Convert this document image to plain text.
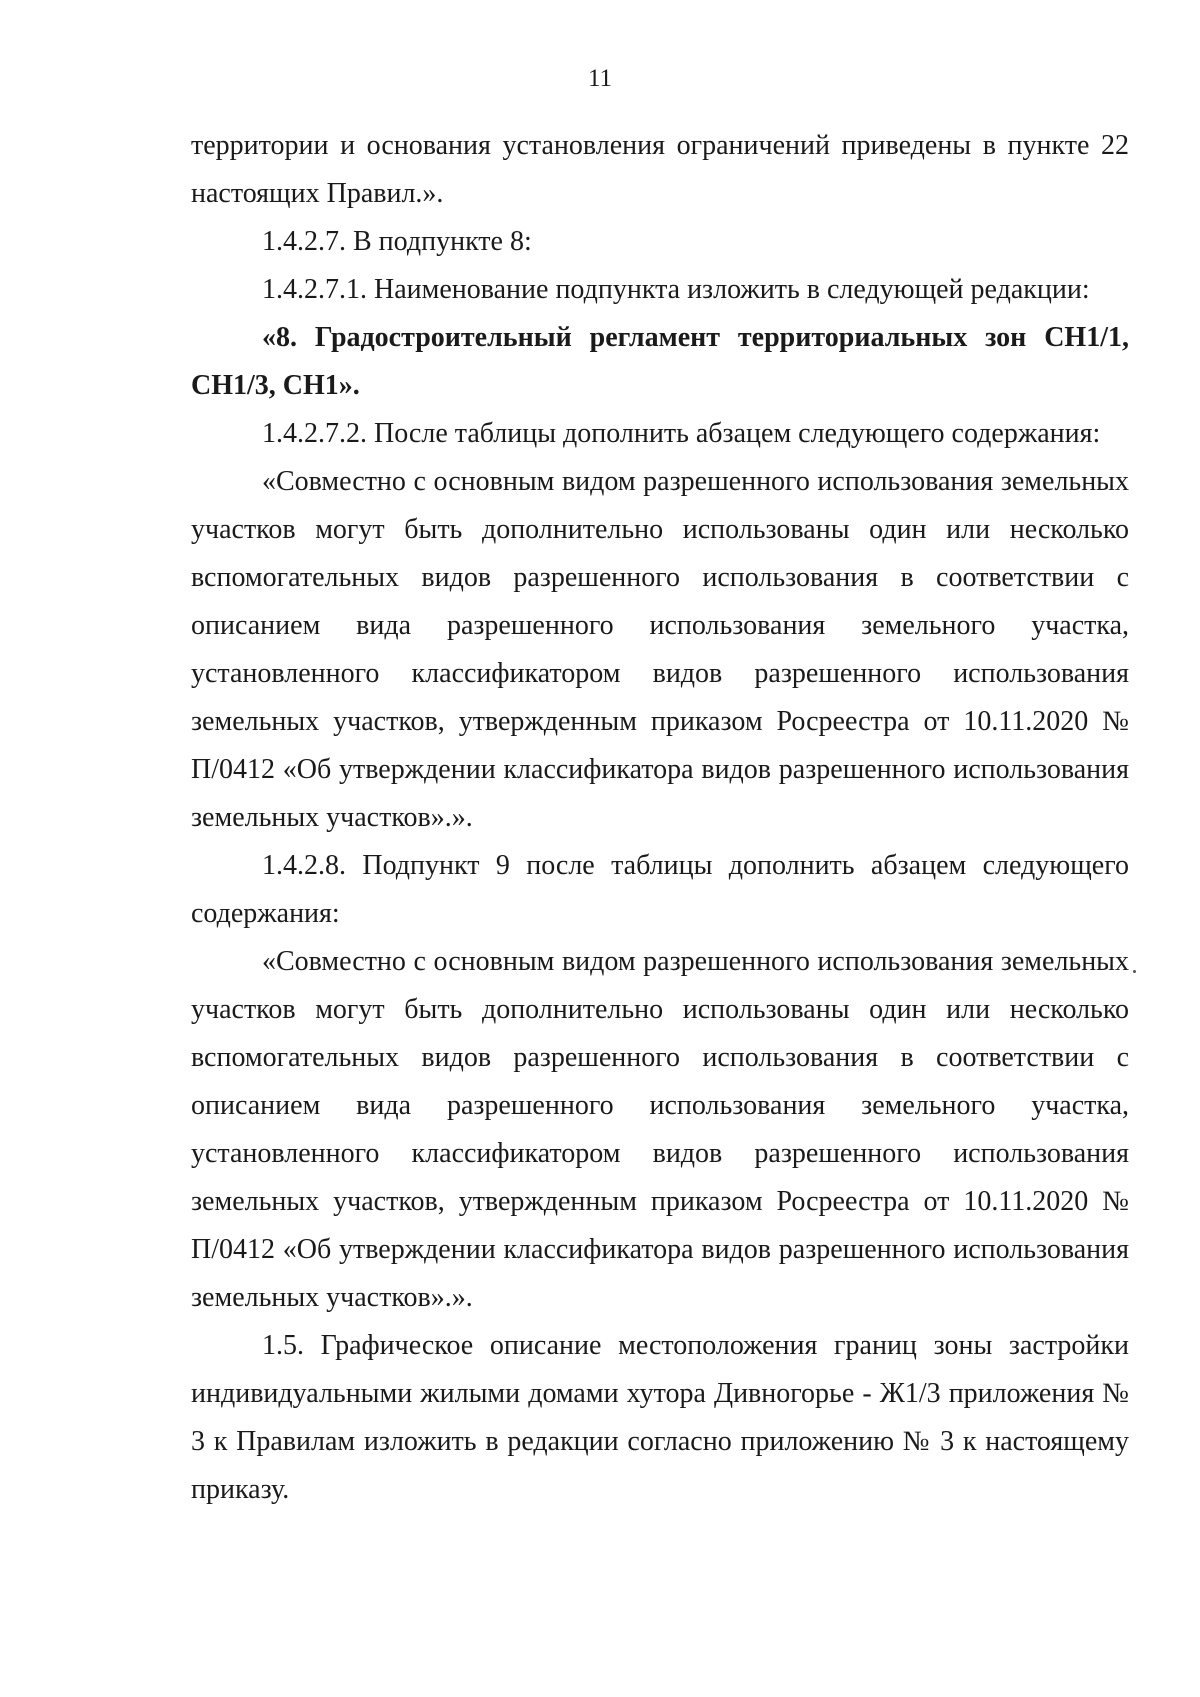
11

территории и основания установления ограничений приведены в пункте 22 настоящих Правил.».

1.4.2.7. В подпункте 8:

1.4.2.7.1. Наименование подпункта изложить в следующей редакции:

«8. Градостроительный регламент территориальных зон СН1/1, СН1/3, СН1».

1.4.2.7.2. После таблицы дополнить абзацем следующего содержания:

«Совместно с основным видом разрешенного использования земельных участков могут быть дополнительно использованы один или несколько вспомогательных видов разрешенного использования в соответствии с описанием вида разрешенного использования земельного участка, установленного классификатором видов разрешенного использования земельных участков, утвержденным приказом Росреестра от 10.11.2020 № П/0412 «Об утверждении классификатора видов разрешенного использования земельных участков».».

1.4.2.8. Подпункт 9 после таблицы дополнить абзацем следующего содержания:

«Совместно с основным видом разрешенного использования земельных участков могут быть дополнительно использованы один или несколько вспомогательных видов разрешенного использования в соответствии с описанием вида разрешенного использования земельного участка, установленного классификатором видов разрешенного использования земельных участков, утвержденным приказом Росреестра от 10.11.2020 № П/0412 «Об утверждении классификатора видов разрешенного использования земельных участков».».

1.5. Графическое описание местоположения границ зоны застройки индивидуальными жилыми домами хутора Дивногорье - Ж1/3 приложения № 3 к Правилам изложить в редакции согласно приложению № 3 к настоящему приказу.
